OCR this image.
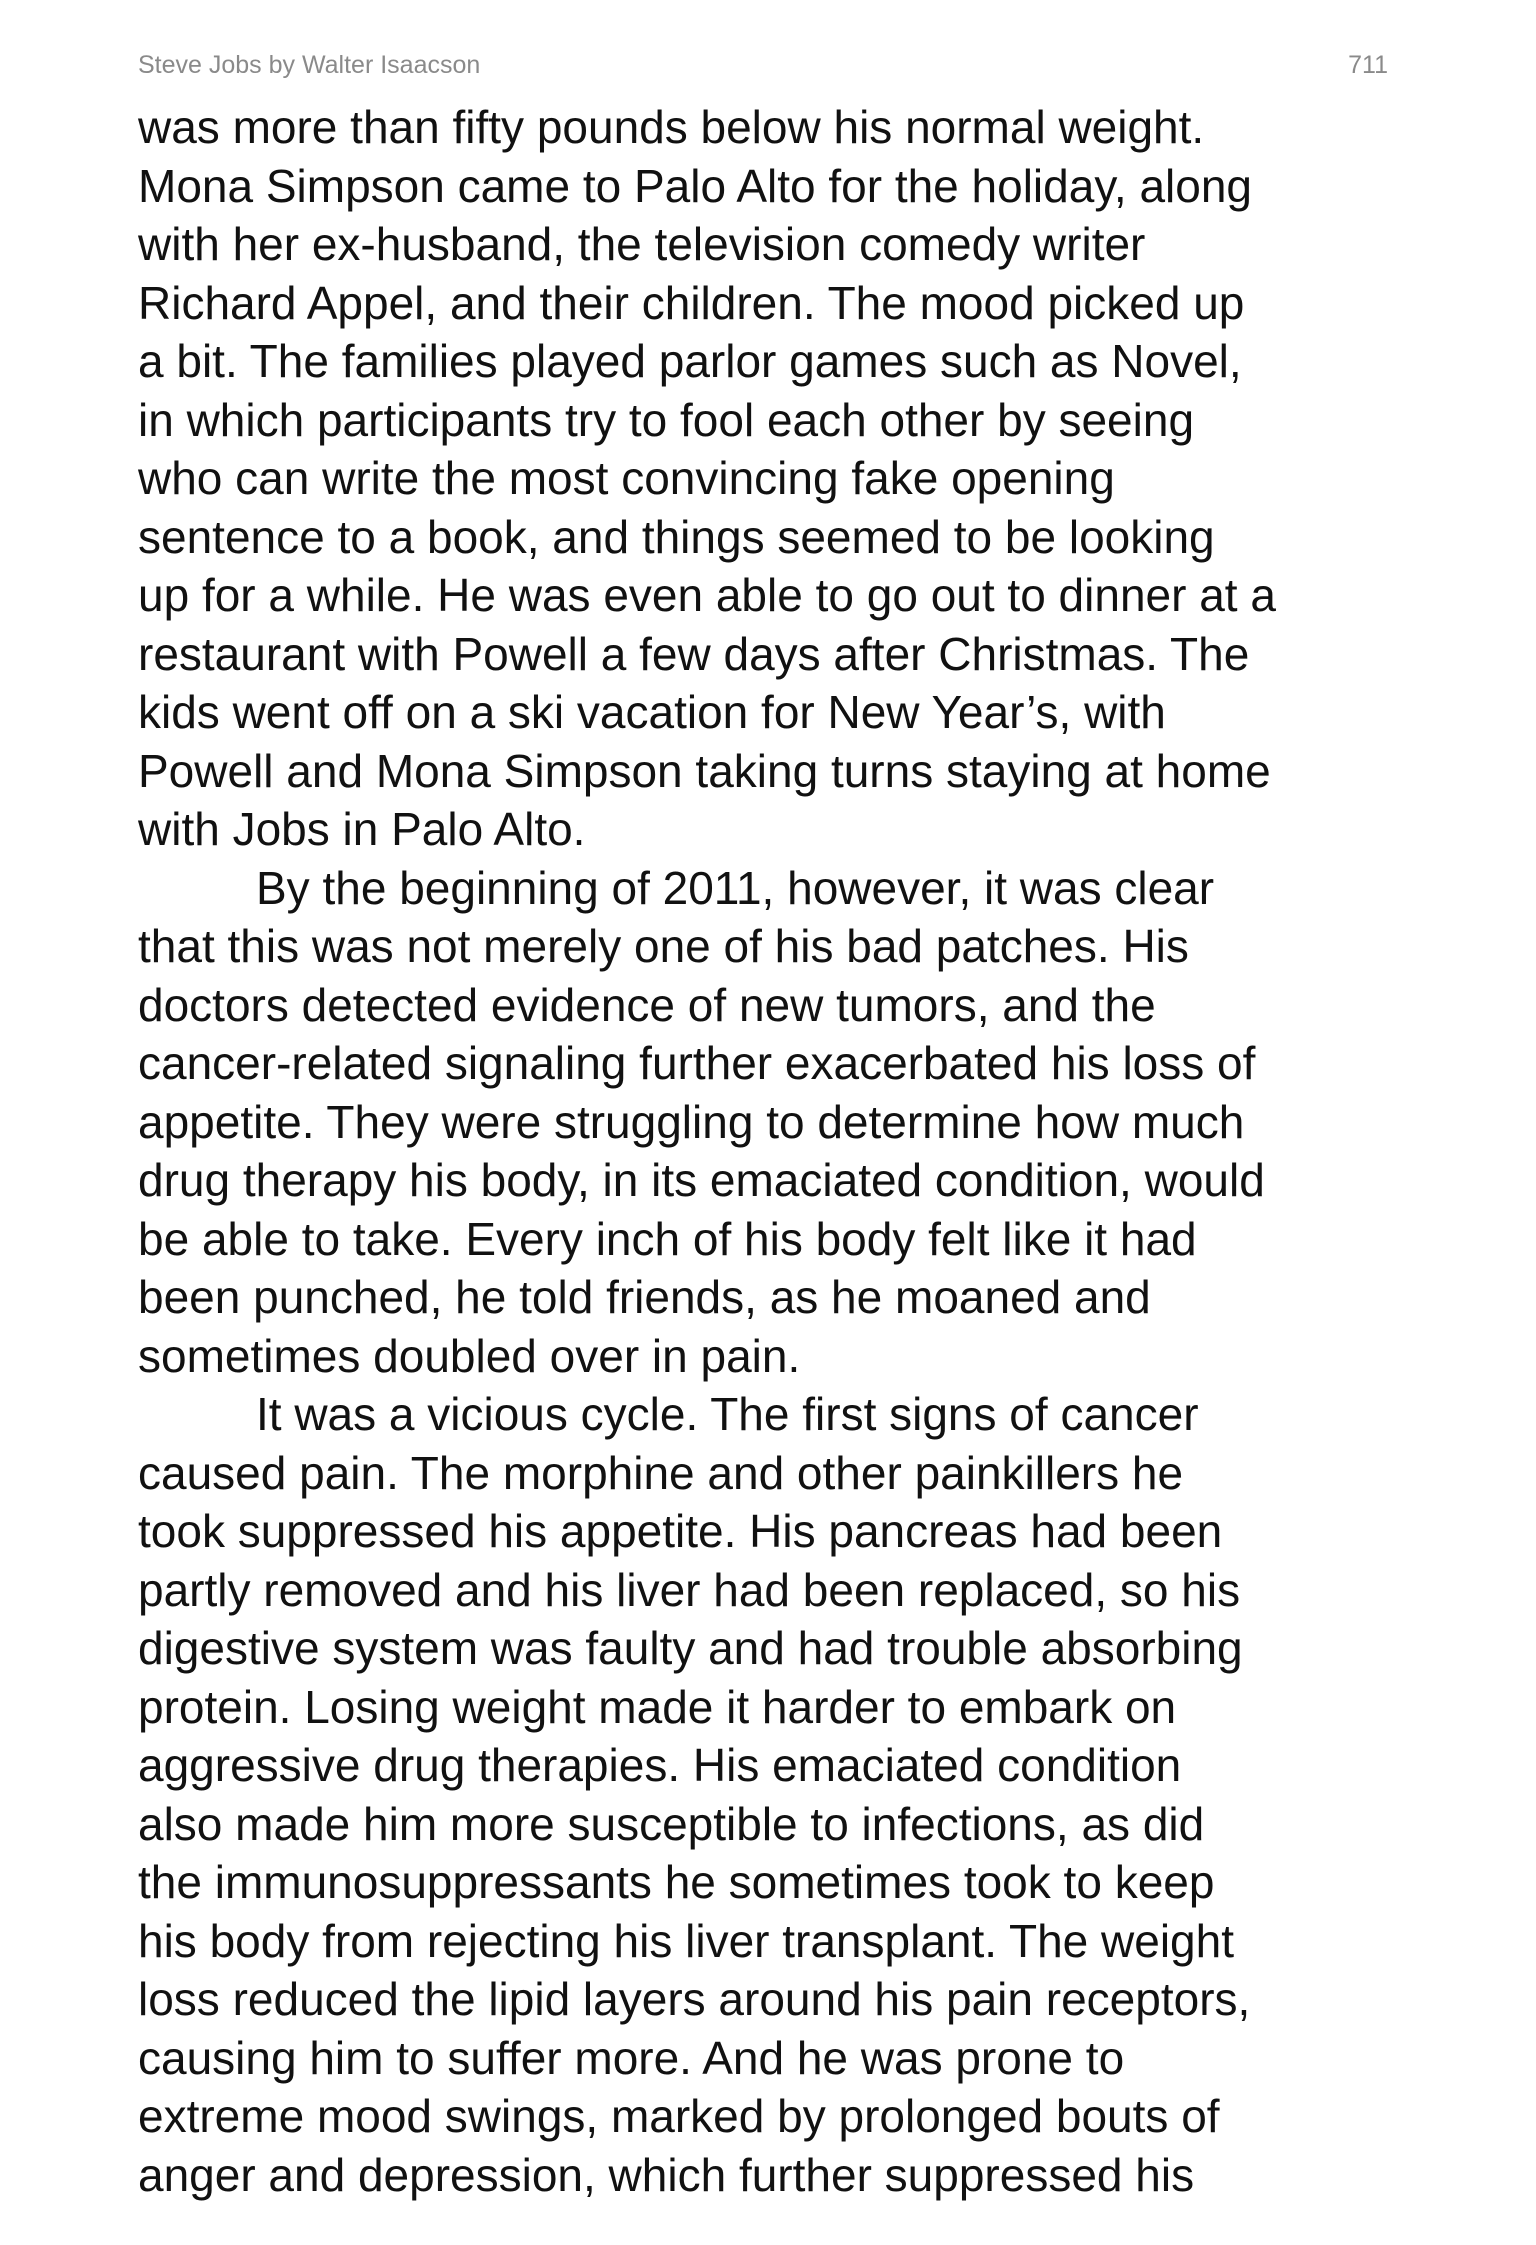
Steve Jobs by Walter Isaacson	711
was more than fifty pounds below his normal weight.
Mona Simpson came to Palo Alto for the holiday, along
with her ex-husband, the television comedy writer
Richard Appel, and their children. The mood picked up
a bit. The families played parlor games such as Novel,
in which participants try to fool each other by seeing
who can write the most convincing fake opening
sentence to a book, and things seemed to be looking
up for a while. He was even able to go out to dinner at a
restaurant with Powell a few days after Christmas. The
kids went off on a ski vacation for New Year’s, with
Powell and Mona Simpson taking turns staying at home
with Jobs in Palo Alto.
By the beginning of 2011, however, it was clear
that this was not merely one of his bad patches. His
doctors detected evidence of new tumors, and the
cancer-related signaling further exacerbated his loss of
appetite. They were struggling to determine how much
drug therapy his body, in its emaciated condition, would
be able to take. Every inch of his body felt like it had
been punched, he told friends, as he moaned and
sometimes doubled over in pain.
It was a vicious cycle. The first signs of cancer
caused pain. The morphine and other painkillers he
took suppressed his appetite. His pancreas had been
partly removed and his liver had been replaced, so his
digestive system was faulty and had trouble absorbing
protein. Losing weight made it harder to embark on
aggressive drug therapies. His emaciated condition
also made him more susceptible to infections, as did
the immunosuppressants he sometimes took to keep
his body from rejecting his liver transplant. The weight
loss reduced the lipid layers around his pain receptors,
causing him to suffer more. And he was prone to
extreme mood swings, marked by prolonged bouts of
anger and depression, which further suppressed his
